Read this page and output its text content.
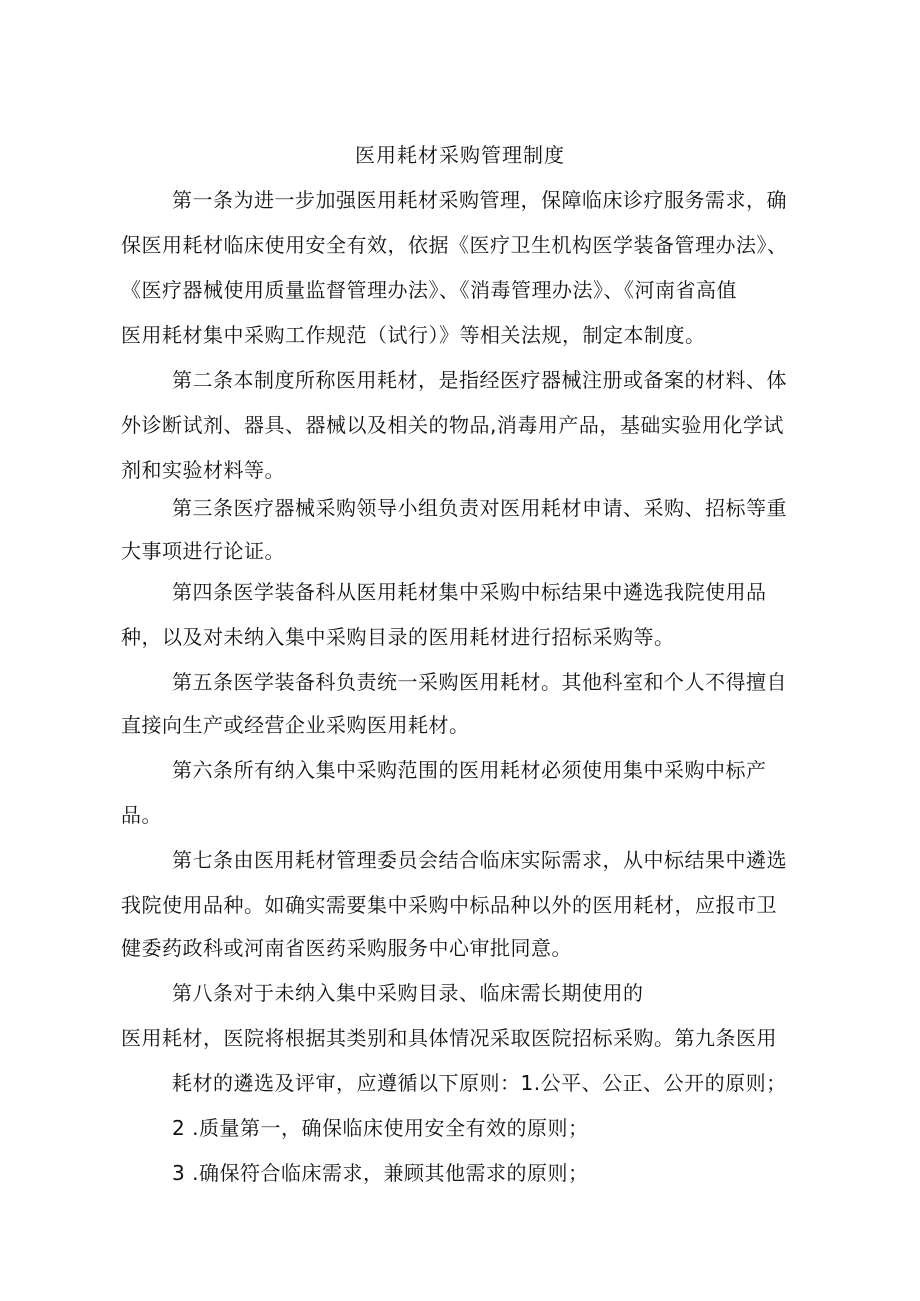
医用耗材采购管理制度
第一条为进一步加强医用耗材采购管理，保障临床诊疗服务需求，确
保医用耗材临床使用安全有效，依据《医疗卫生机构医学装备管理办法》、
《医疗器械使用质量监督管理办法》、《消毒管理办法》、《河南省高值
医用耗材集中采购工作规范（试行）》等相关法规，制定本制度。
第二条本制度所称医用耗材，是指经医疗器械注册或备案的材料、体
外诊断试剂、器具、器械以及相关的物品,消毒用产品，基础实验用化学试
剂和实验材料等。
第三条医疗器械采购领导小组负责对医用耗材申请、采购、招标等重
大事项进行论证。
第四条医学装备科从医用耗材集中采购中标结果中遴选我院使用品
种，以及对未纳入集中采购目录的医用耗材进行招标采购等。
第五条医学装备科负责统一采购医用耗材。其他科室和个人不得擅自
直接向生产或经营企业采购医用耗材。
第六条所有纳入集中采购范围的医用耗材必须使用集中采购中标产
品。
第七条由医用耗材管理委员会结合临床实际需求，从中标结果中遴选
我院使用品种。如确实需要集中采购中标品种以外的医用耗材，应报市卫
健委药政科或河南省医药采购服务中心审批同意。
第八条对于未纳入集中采购目录、临床需长期使用的
医用耗材，医院将根据其类别和具体情况采取医院招标采购。第九条医用
耗材的遴选及评审，应遵循以下原则：1.公平、公正、公开的原则；
2 .质量第一，确保临床使用安全有效的原则；
3 .确保符合临床需求，兼顾其他需求的原则；
